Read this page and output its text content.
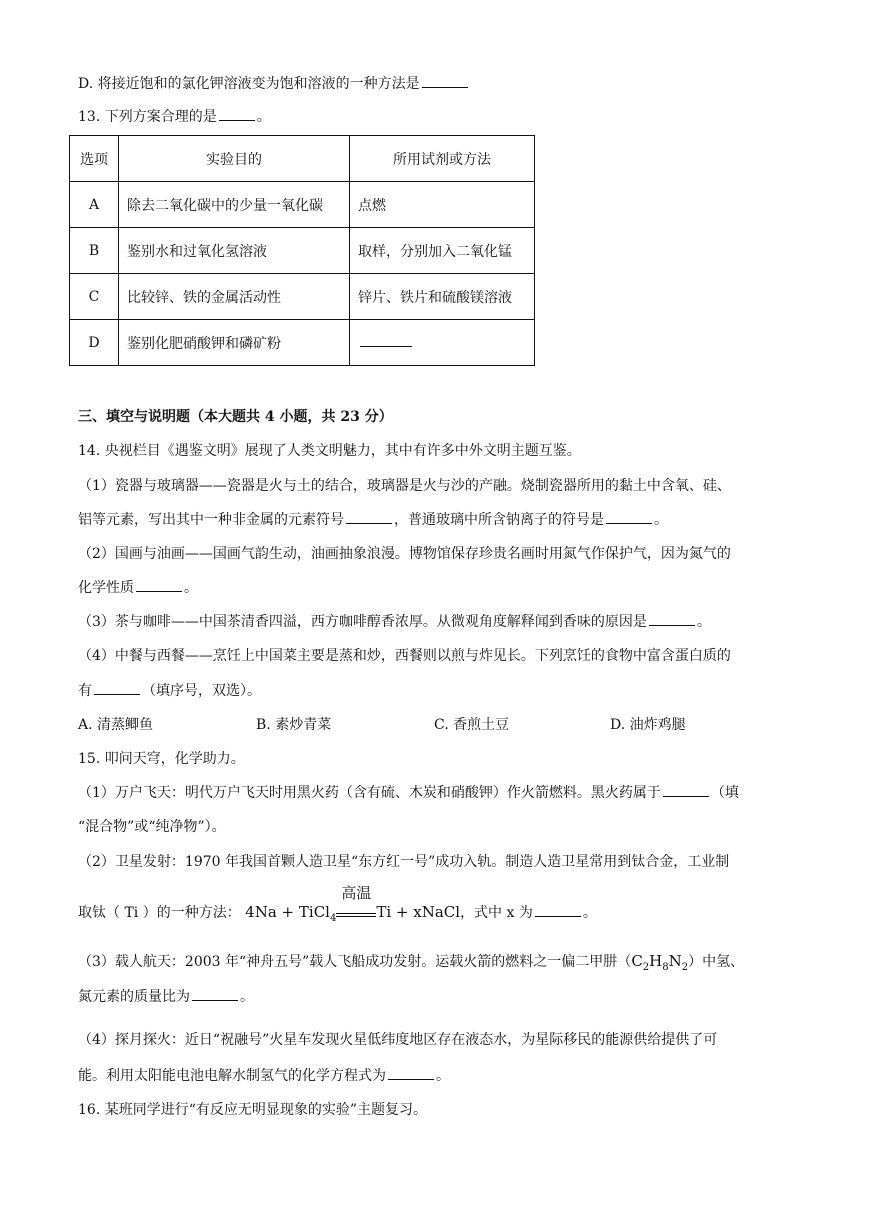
D. 将接近饱和的氯化钾溶液变为饱和溶液的一种方法是
13. 下列方案合理的是	。
选项	实验目的	所用试剂或方法
A	除去二氧化碳中的少量一氧化碳	点燃
B	鉴别水和过氧化氢溶液	取样，分别加入二氧化锰
C	比较锌、铁的金属活动性	锌片、铁片和硫酸镁溶液
D	鉴别化肥硝酸钾和磷矿粉	
三、填空与说明题（本大题共 4 小题，共 23 分）
14. 央视栏目《遇鉴文明》展现了人类文明魅力，其中有许多中外文明主题互鉴。
（1）瓷器与玻璃器——瓷器是火与土的结合，玻璃器是火与沙的产融。烧制瓷器所用的黏土中含氧、硅、
铝等元素，写出其中一种非金属的元素符号	，普通玻璃中所含钠离子的符号是	。
（2）国画与油画——国画气韵生动，油画抽象浪漫。博物馆保存珍贵名画时用氮气作保护气，因为氮气的
化学性质	。
（3）茶与咖啡——中国茶清香四溢，西方咖啡醇香浓厚。从微观角度解释闻到香味的原因是	。
（4）中餐与西餐——烹饪上中国菜主要是蒸和炒，西餐则以煎与炸见长。下列烹饪的食物中富含蛋白质的
有	（填序号，双选）。
A. 清蒸鲫鱼	B. 素炒青菜	C. 香煎土豆	D. 油炸鸡腿
15. 叩问天穹，化学助力。
（1）万户飞天：明代万户飞天时用黑火药（含有硫、木炭和硝酸钾）作火箭燃料。黑火药属于	（填
“混合物”或“纯净物”）。
（2）卫星发射：1970 年我国首颗人造卫星“东方红一号”成功入轨。制造人造卫星常用到钛合金，工业制
取钛（ Ti ）的一种方法： 4Na + TiCl$_4$
高温
Ti + xNaCl，式中 x 为	。
（3）载人航天：2003 年“神舟五号”载人飞船成功发射。运载火箭的燃料之一偏二甲肼$(C_2H_8N_2)$中氢、
氮元素的质量比为	。
（4）探月探火：近日“祝融号”火星车发现火星低纬度地区存在液态水，为星际移民的能源供给提供了可
能。利用太阳能电池电解水制氢气的化学方程式为	。
16. 某班同学进行“有反应无明显现象的实验”主题复习。
